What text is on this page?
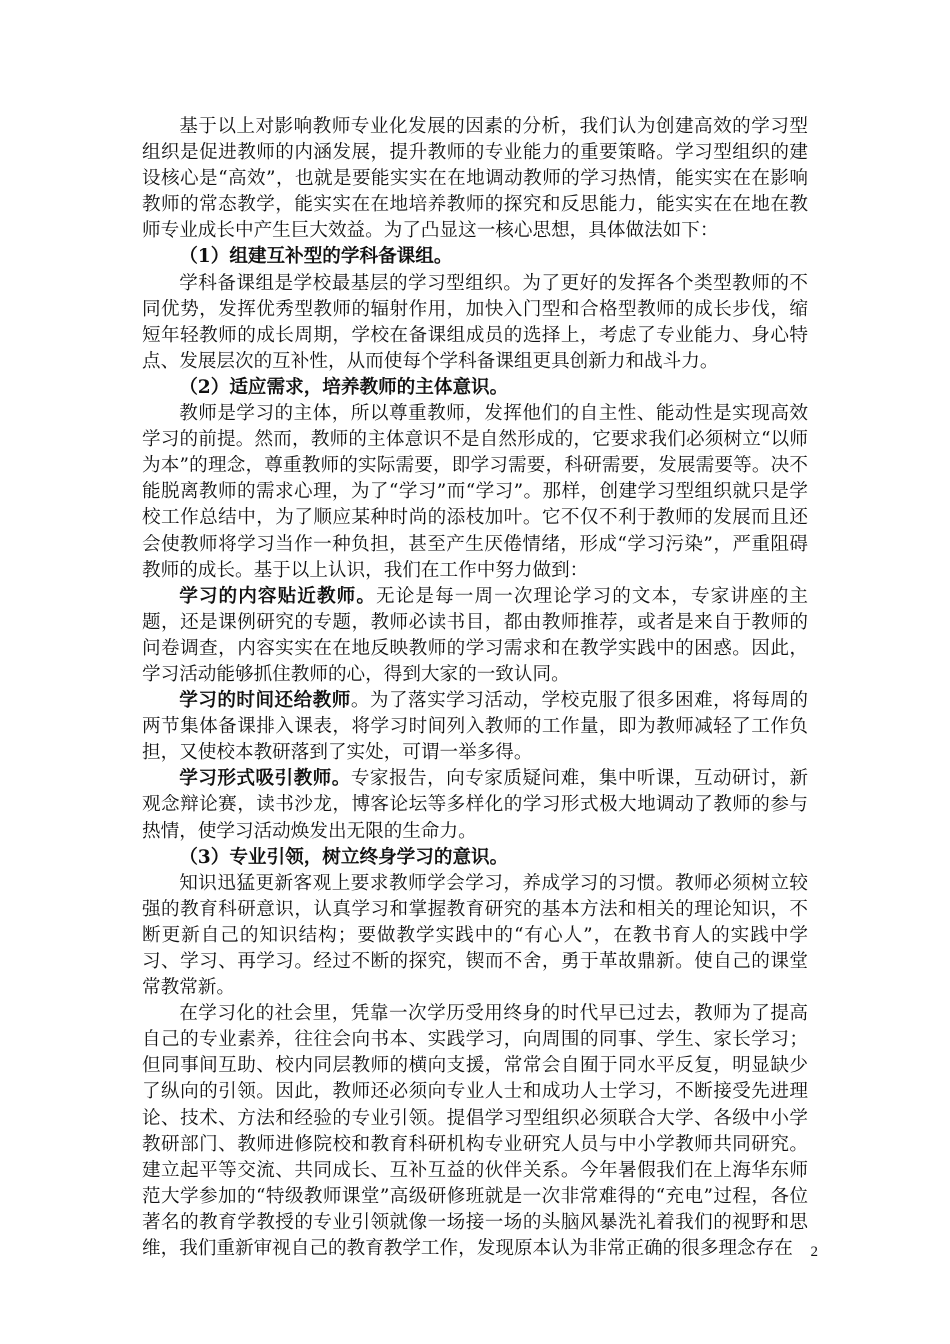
基于以上对影响教师专业化发展的因素的分析，我们认为创建高效的学习型组织是促进教师的内涵发展，提升教师的专业能力的重要策略。学习型组织的建设核心是“高效”，也就是要能实实在在地调动教师的学习热情，能实实在在影响教师的常态教学，能实实在在地培养教师的探究和反思能力，能实实在在地在教师专业成长中产生巨大效益。为了凸显这一核心思想，具体做法如下：

（1）组建互补型的学科备课组。

学科备课组是学校最基层的学习型组织。为了更好的发挥各个类型教师的不同优势，发挥优秀型教师的辐射作用，加快入门型和合格型教师的成长步伐，缩短年轻教师的成长周期，学校在备课组成员的选择上，考虑了专业能力、身心特点、发展层次的互补性，从而使每个学科备课组更具创新力和战斗力。

（2）适应需求，培养教师的主体意识。

教师是学习的主体，所以尊重教师，发挥他们的自主性、能动性是实现高效学习的前提。然而，教师的主体意识不是自然形成的，它要求我们必须树立“以师为本”的理念，尊重教师的实际需要，即学习需要，科研需要，发展需要等。决不能脱离教师的需求心理，为了“学习”而“学习”。那样，创建学习型组织就只是学校工作总结中，为了顺应某种时尚的添枝加叶。它不仅不利于教师的发展而且还会使教师将学习当作一种负担，甚至产生厌倦情绪，形成“学习污染”，严重阻碍教师的成长。基于以上认识，我们在工作中努力做到：

学习的内容贴近教师。无论是每一周一次理论学习的文本，专家讲座的主题，还是课例研究的专题，教师必读书目，都由教师推荐，或者是来自于教师的问卷调查，内容实实在在地反映教师的学习需求和在教学实践中的困惑。因此，学习活动能够抓住教师的心，得到大家的一致认同。

学习的时间还给教师。为了落实学习活动，学校克服了很多困难，将每周的两节集体备课排入课表，将学习时间列入教师的工作量，即为教师减轻了工作负担，又使校本教研落到了实处，可谓一举多得。

学习形式吸引教师。专家报告，向专家质疑问难，集中听课，互动研讨，新观念辩论赛，读书沙龙，博客论坛等多样化的学习形式极大地调动了教师的参与热情，使学习活动焕发出无限的生命力。

（3）专业引领，树立终身学习的意识。

知识迅猛更新客观上要求教师学会学习，养成学习的习惯。教师必须树立较强的教育科研意识，认真学习和掌握教育研究的基本方法和相关的理论知识，不断更新自己的知识结构；要做教学实践中的“有心人”，在教书育人的实践中学习、学习、再学习。经过不断的探究，锲而不舍，勇于革故鼎新。使自己的课堂常教常新。

在学习化的社会里，凭靠一次学历受用终身的时代早已过去，教师为了提高自己的专业素养，往往会向书本、实践学习，向周围的同事、学生、家长学习；但同事间互助、校内同层教师的横向支援，常常会自囿于同水平反复，明显缺少了纵向的引领。因此，教师还必须向专业人士和成功人士学习，不断接受先进理论、技术、方法和经验的专业引领。提倡学习型组织必须联合大学、各级中小学教研部门、教师进修院校和教育科研机构专业研究人员与中小学教师共同研究。建立起平等交流、共同成长、互补互益的伙伴关系。今年暑假我们在上海华东师范大学参加的“特级教师课堂”高级研修班就是一次非常难得的“充电”过程，各位著名的教育学教授的专业引领就像一场接一场的头脑风暴洗礼着我们的视野和思维，我们重新审视自己的教育教学工作，发现原本认为非常正确的很多理念存在	2
